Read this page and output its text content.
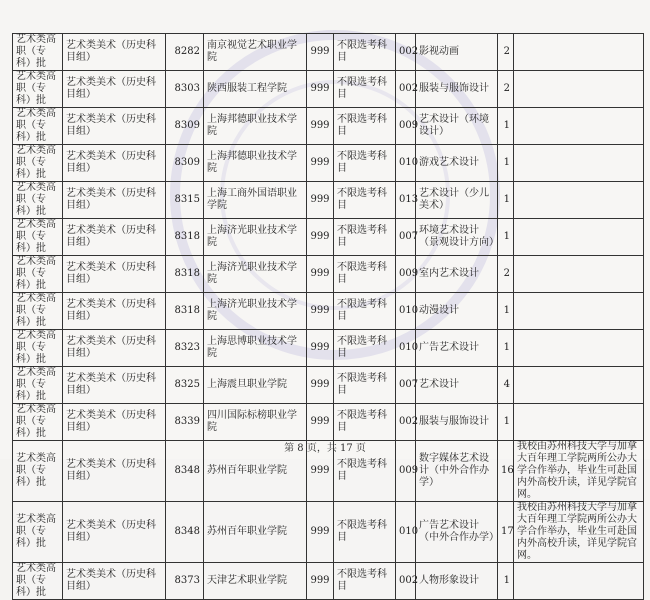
艺术类高职（专科）批	艺术类美术（历史科目组）	8282	南京视觉艺术职业学院	999	不限选考科目	002	影视动画	2	
艺术类高职（专科）批	艺术类美术（历史科目组）	8303	陕西服装工程学院	999	不限选考科目	002	服装与服饰设计	2	
艺术类高职（专科）批	艺术类美术（历史科目组）	8309	上海邦德职业技术学院	999	不限选考科目	009	艺术设计（环境设计）	1	
艺术类高职（专科）批	艺术类美术（历史科目组）	8309	上海邦德职业技术学院	999	不限选考科目	010	游戏艺术设计	1	
艺术类高职（专科）批	艺术类美术（历史科目组）	8315	上海工商外国语职业学院	999	不限选考科目	013	艺术设计（少儿美术）	1	
艺术类高职（专科）批	艺术类美术（历史科目组）	8318	上海济光职业技术学院	999	不限选考科目	007	环境艺术设计（景观设计方向）	1	
艺术类高职（专科）批	艺术类美术（历史科目组）	8318	上海济光职业技术学院	999	不限选考科目	009	室内艺术设计	2	
艺术类高职（专科）批	艺术类美术（历史科目组）	8318	上海济光职业技术学院	999	不限选考科目	010	动漫设计	1	
艺术类高职（专科）批	艺术类美术（历史科目组）	8323	上海思博职业技术学院	999	不限选考科目	010	广告艺术设计	1	
艺术类高职（专科）批	艺术类美术（历史科目组）	8325	上海震旦职业学院	999	不限选考科目	007	艺术设计	4	
艺术类高职（专科）批	艺术类美术（历史科目组）	8339	四川国际标榜职业学院	999	不限选考科目	002	服装与服饰设计	1	
艺术类高职（专科）批	艺术类美术（历史科目组）	8348	苏州百年职业学院	999	不限选考科目	009	数字媒体艺术设计（中外合作办学）	16	我校由苏州科技大学与加拿大百年理工学院两所公办大学合作举办，毕业生可赴国内外高校升读，详见学院官网。
艺术类高职（专科）批	艺术类美术（历史科目组）	8348	苏州百年职业学院	999	不限选考科目	010	广告艺术设计（中外合作办学）	17	我校由苏州科技大学与加拿大百年理工学院两所公办大学合作举办，毕业生可赴国内外高校升读，详见学院官网。
艺术类高职（专科）批	艺术类美术（历史科目组）	8373	天津艺术职业学院	999	不限选考科目	002	人物形象设计	1	
第 8 页，共 17 页
